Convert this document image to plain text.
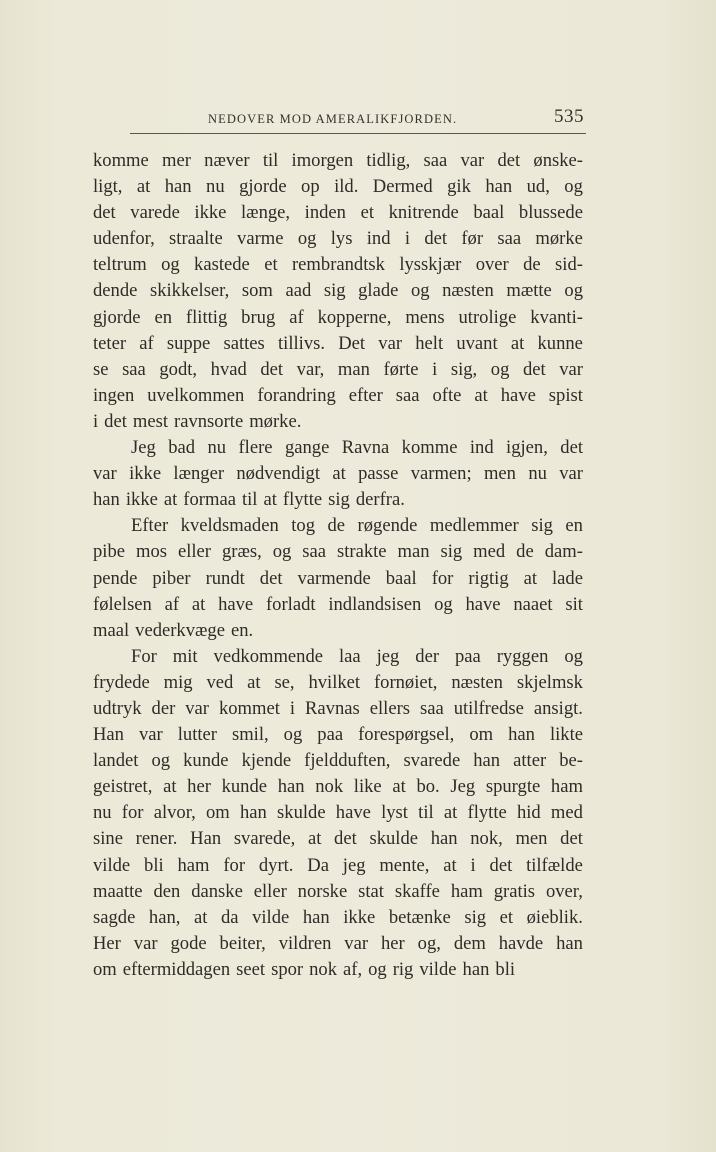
NEDOVER MOD AMERALIKFJORDEN.	535
komme mer næver til imorgen tidlig, saa var det ønske-
ligt, at han nu gjorde op ild. Dermed gik han ud, og
det varede ikke længe, inden et knitrende baal blussede
udenfor, straalte varme og lys ind i det før saa mørke
teltrum og kastede et rembrandtsk lysskjær over de sid-
dende skikkelser, som aad sig glade og næsten mætte og
gjorde en flittig brug af kopperne, mens utrolige kvanti-
teter af suppe sattes tillivs. Det var helt uvant at kunne
se saa godt, hvad det var, man førte i sig, og det var
ingen uvelkommen forandring efter saa ofte at have spist
i det mest ravnsorte mørke.
Jeg bad nu flere gange Ravna komme ind igjen, det
var ikke længer nødvendigt at passe varmen; men nu var
han ikke at formaa til at flytte sig derfra.
Efter kveldsmaden tog de røgende medlemmer sig en
pibe mos eller græs, og saa strakte man sig med de dam-
pende piber rundt det varmende baal for rigtig at lade
følelsen af at have forladt indlandsisen og have naaet sit
maal vederkvæge en.
For mit vedkommende laa jeg der paa ryggen og
frydede mig ved at se, hvilket fornøiet, næsten skjelmsk
udtryk der var kommet i Ravnas ellers saa utilfredse ansigt.
Han var lutter smil, og paa forespørgsel, om han likte
landet og kunde kjende fjeldduften, svarede han atter be-
geistret, at her kunde han nok like at bo. Jeg spurgte ham
nu for alvor, om han skulde have lyst til at flytte hid med
sine rener. Han svarede, at det skulde han nok, men det
vilde bli ham for dyrt. Da jeg mente, at i det tilfælde
maatte den danske eller norske stat skaffe ham gratis over,
sagde han, at da vilde han ikke betænke sig et øieblik.
Her var gode beiter, vildren var her og, dem havde han
om eftermiddagen seet spor nok af, og rig vilde han bli
